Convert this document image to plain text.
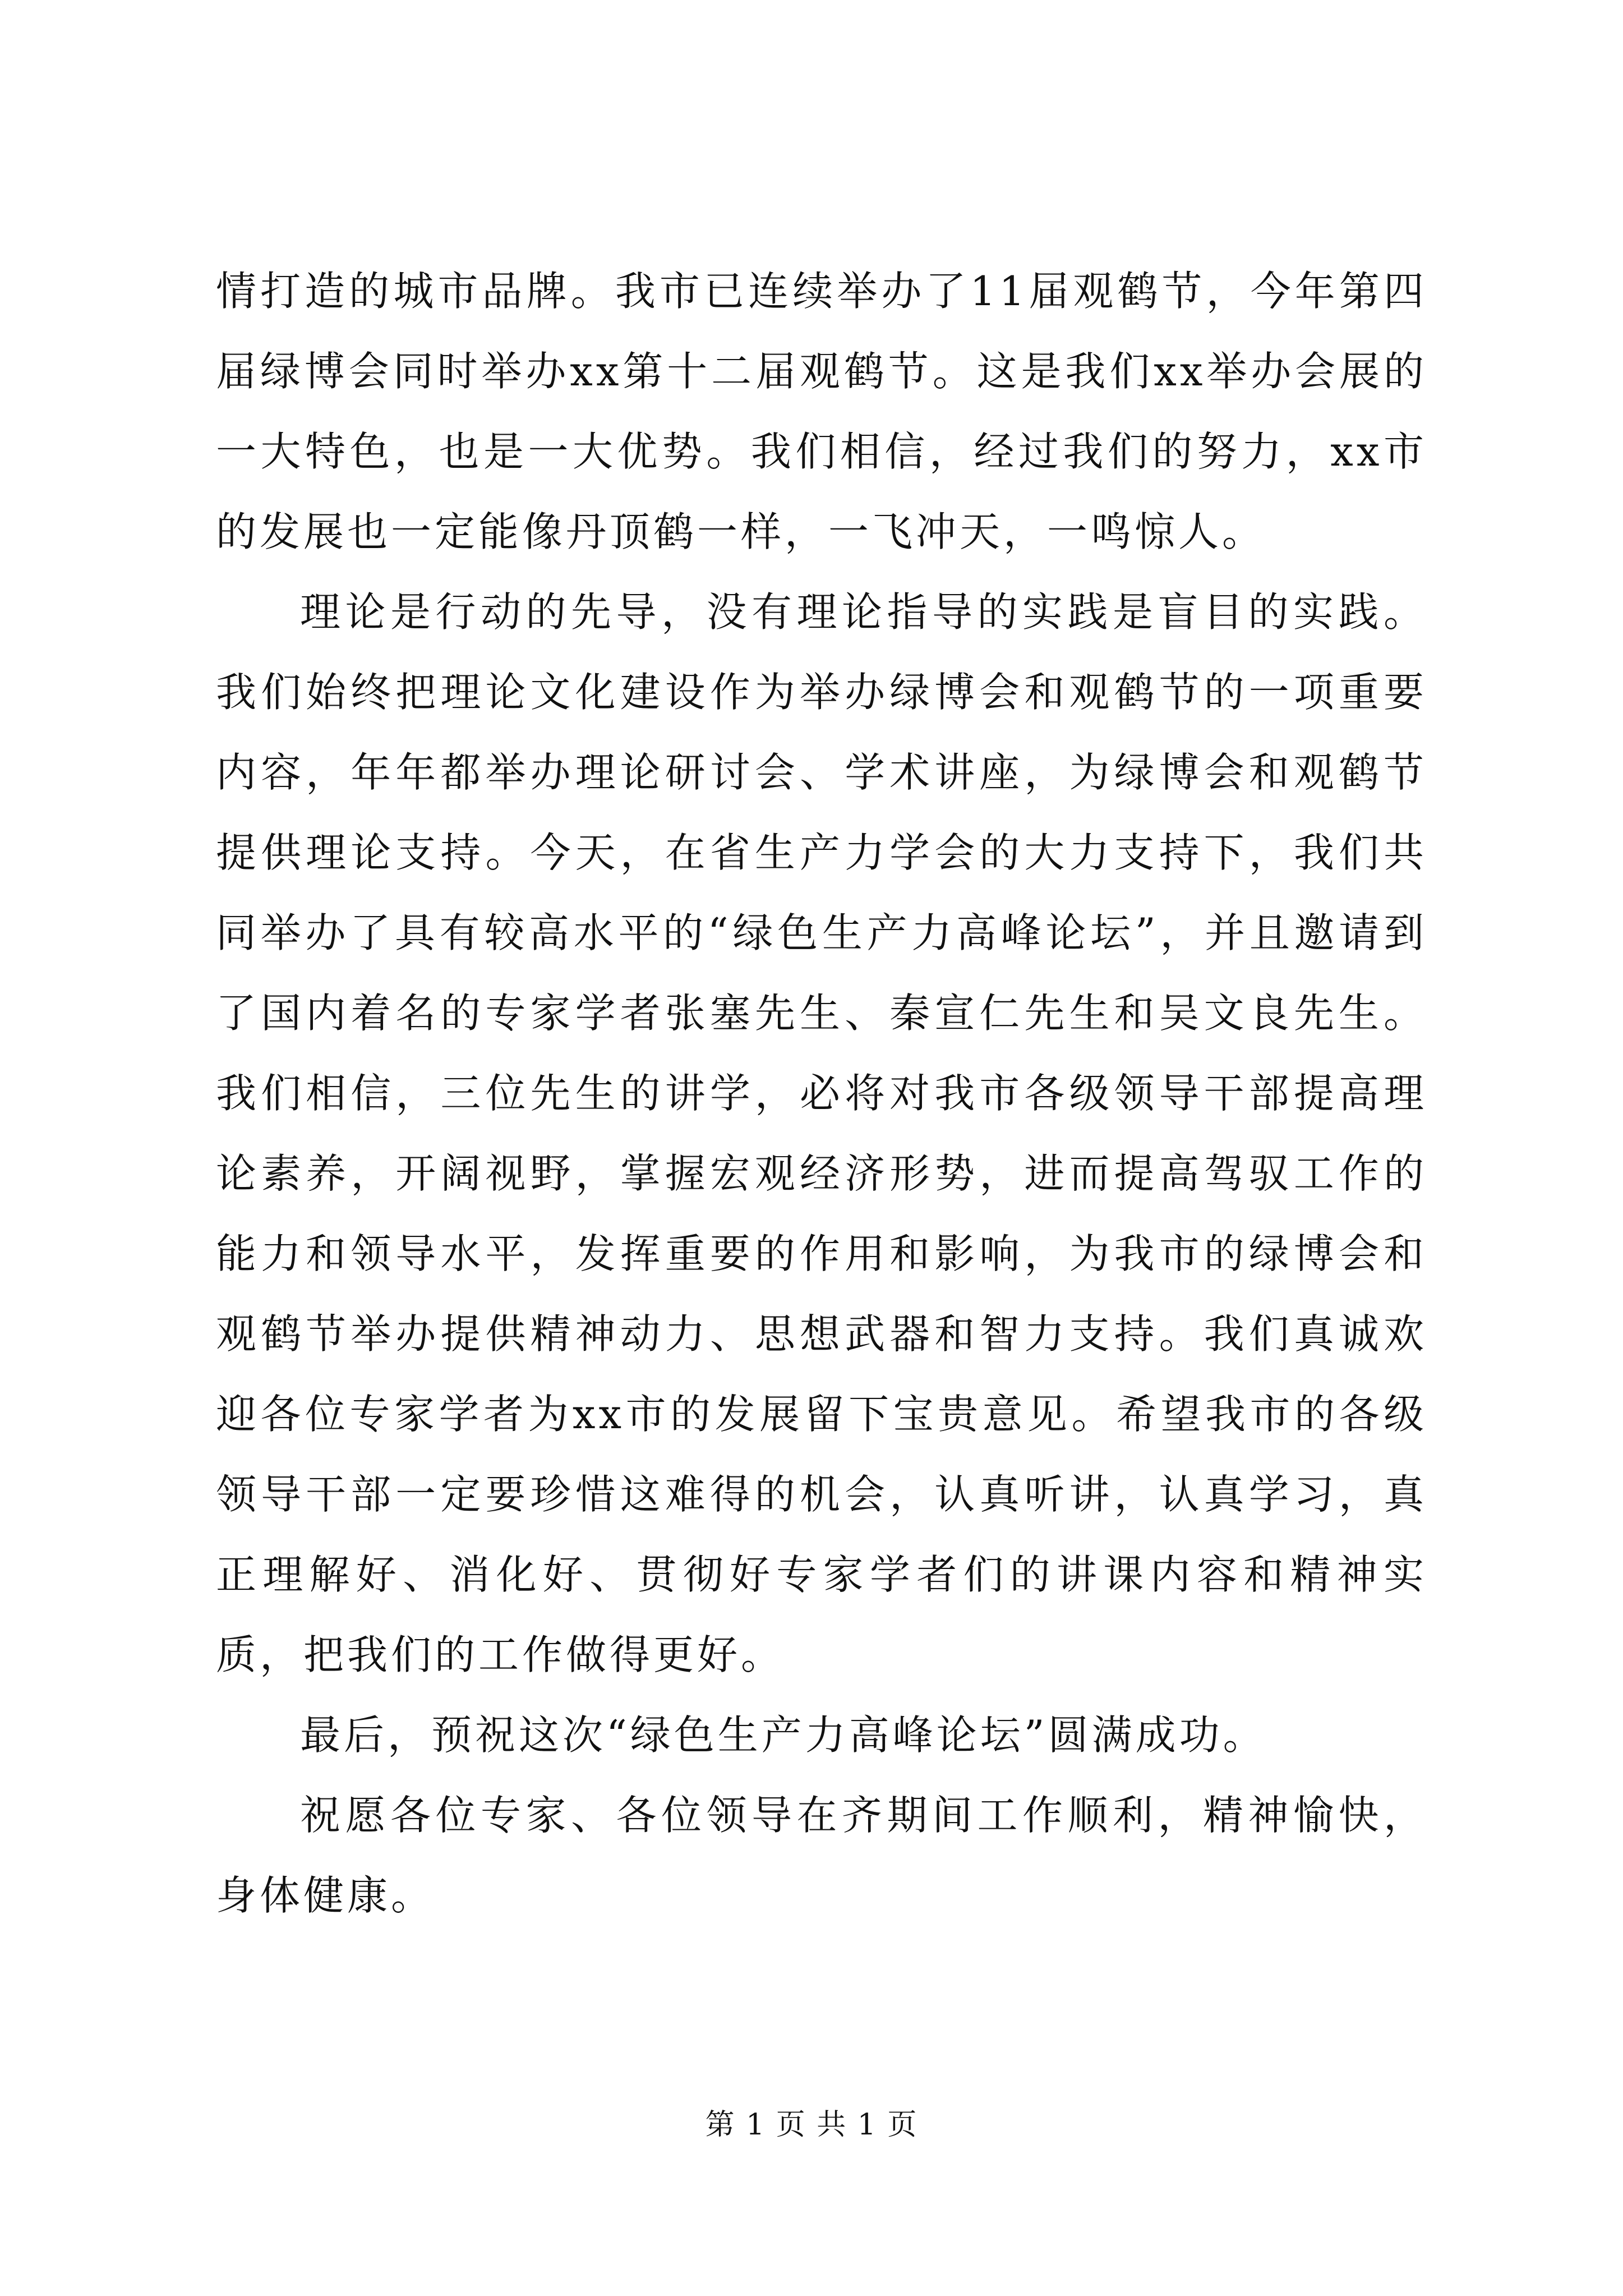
情打造的城市品牌。我市已连续举办了11届观鹤节，今年第四届绿博会同时举办xx第十二届观鹤节。这是我们xx举办会展的一大特色，也是一大优势。我们相信，经过我们的努力，xx市的发展也一定能像丹顶鹤一样，一飞冲天，一鸣惊人。

理论是行动的先导，没有理论指导的实践是盲目的实践。我们始终把理论文化建设作为举办绿博会和观鹤节的一项重要内容，年年都举办理论研讨会、学术讲座，为绿博会和观鹤节提供理论支持。今天，在省生产力学会的大力支持下，我们共同举办了具有较高水平的“绿色生产力高峰论坛”，并且邀请到了国内着名的专家学者张塞先生、秦宣仁先生和吴文良先生。我们相信，三位先生的讲学，必将对我市各级领导干部提高理论素养，开阔视野，掌握宏观经济形势，进而提高驾驭工作的能力和领导水平，发挥重要的作用和影响，为我市的绿博会和观鹤节举办提供精神动力、思想武器和智力支持。我们真诚欢迎各位专家学者为xx市的发展留下宝贵意见。希望我市的各级领导干部一定要珍惜这难得的机会，认真听讲，认真学习，真正理解好、消化好、贯彻好专家学者们的讲课内容和精神实质，把我们的工作做得更好。

最后，预祝这次“绿色生产力高峰论坛”圆满成功。

祝愿各位专家、各位领导在齐期间工作顺利，精神愉快，身体健康。

第 1 页 共 1 页
